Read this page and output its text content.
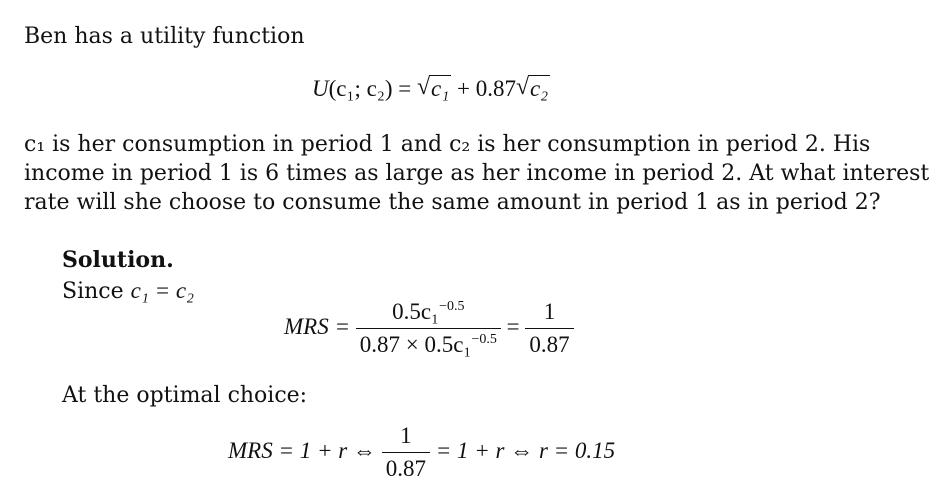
Ben has a utility function
U(c₁; c₂) = √ c₁ + 0.87 √ c₂
c₁ is her consumption in period 1 and c₂ is her consumption in period 2. His
income in period 1 is 6 times as large as her income in period 2. At what interest
rate will she choose to consume the same amount in period 1 as in period 2?
Solution.
Since c₁ = c₂
MRS = $\frac{0.5c_1^{-0.5}}{0.87 \times 0.5c_1^{-0.5}} = \frac{1}{0.87}$
At the optimal choice:
MRS = 1 + r ⇔ $\frac{1}{0.87} = 1 + r$ ⇔ r = 0.15
